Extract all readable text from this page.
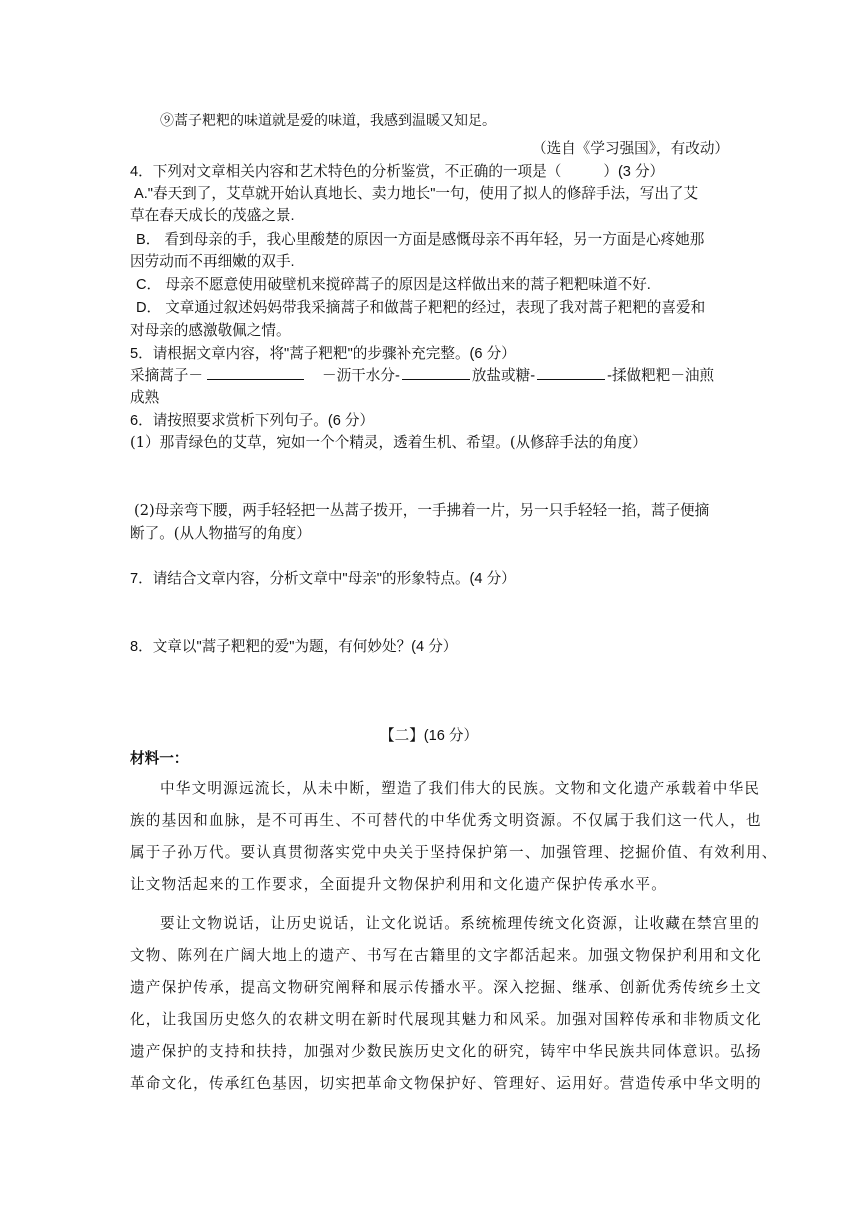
⑨蒿子粑粑的味道就是爱的味道，我感到温暖又知足。
（选自《学习强国》，有改动）
4．下列对文章相关内容和艺术特色的分析鉴赏，不正确的一项是（	）(3 分）
A."春天到了，艾草就开始认真地长、卖力地长"一句，使用了拟人的修辞手法，写出了艾
草在春天成长的茂盛之景.
B． 看到母亲的手，我心里酸楚的原因一方面是感慨母亲不再年轻，另一方面是心疼她那
因劳动而不再细嫩的双手.
C． 母亲不愿意使用破壁机来搅碎蒿子的原因是这样做出来的蒿子粑粑味道不好.
D． 文章通过叙述妈妈带我采摘蒿子和做蒿子粑粑的经过，表现了我对蒿子粑粑的喜爱和
对母亲的感激敬佩之情。
5．请根据文章内容，将"蒿子粑粑"的步骤补充完整。(6 分）
采摘蒿子－	－沥干水分-	放盐或糖-	-揉做粑粑－油煎
成熟
6．请按照要求赏析下列句子。(6 分）
(1）那青绿色的艾草，宛如一个个精灵，透着生机、希望。(从修辞手法的角度）
(2)母亲弯下腰，两手轻轻把一丛蒿子拨开，一手拂着一片，另一只手轻轻一掐，蒿子便摘
断了。(从人物描写的角度）
7．请结合文章内容，分析文章中"母亲"的形象特点。(4 分）
8．文章以"蒿子粑粑的爱"为题，有何妙处？(4 分）
【二】(16 分）
材料一：
中华文明源远流长，从未中断，塑造了我们伟大的民族。文物和文化遗产承载着中华民
族的基因和血脉，是不可再生、不可替代的中华优秀文明资源。不仅属于我们这一代人，也
属于子孙万代。要认真贯彻落实党中央关于坚持保护第一、加强管理、挖掘价值、有效利用、
让文物活起来的工作要求，全面提升文物保护利用和文化遗产保护传承水平。
要让文物说话，让历史说话，让文化说话。系统梳理传统文化资源，让收藏在禁宫里的
文物、陈列在广阔大地上的遗产、书写在古籍里的文字都活起来。加强文物保护利用和文化
遗产保护传承，提高文物研究阐释和展示传播水平。深入挖掘、继承、创新优秀传统乡土文
化，让我国历史悠久的农耕文明在新时代展现其魅力和风采。加强对国粹传承和非物质文化
遗产保护的支持和扶持，加强对少数民族历史文化的研究，铸牢中华民族共同体意识。弘扬
革命文化，传承红色基因，切实把革命文物保护好、管理好、运用好。营造传承中华文明的
